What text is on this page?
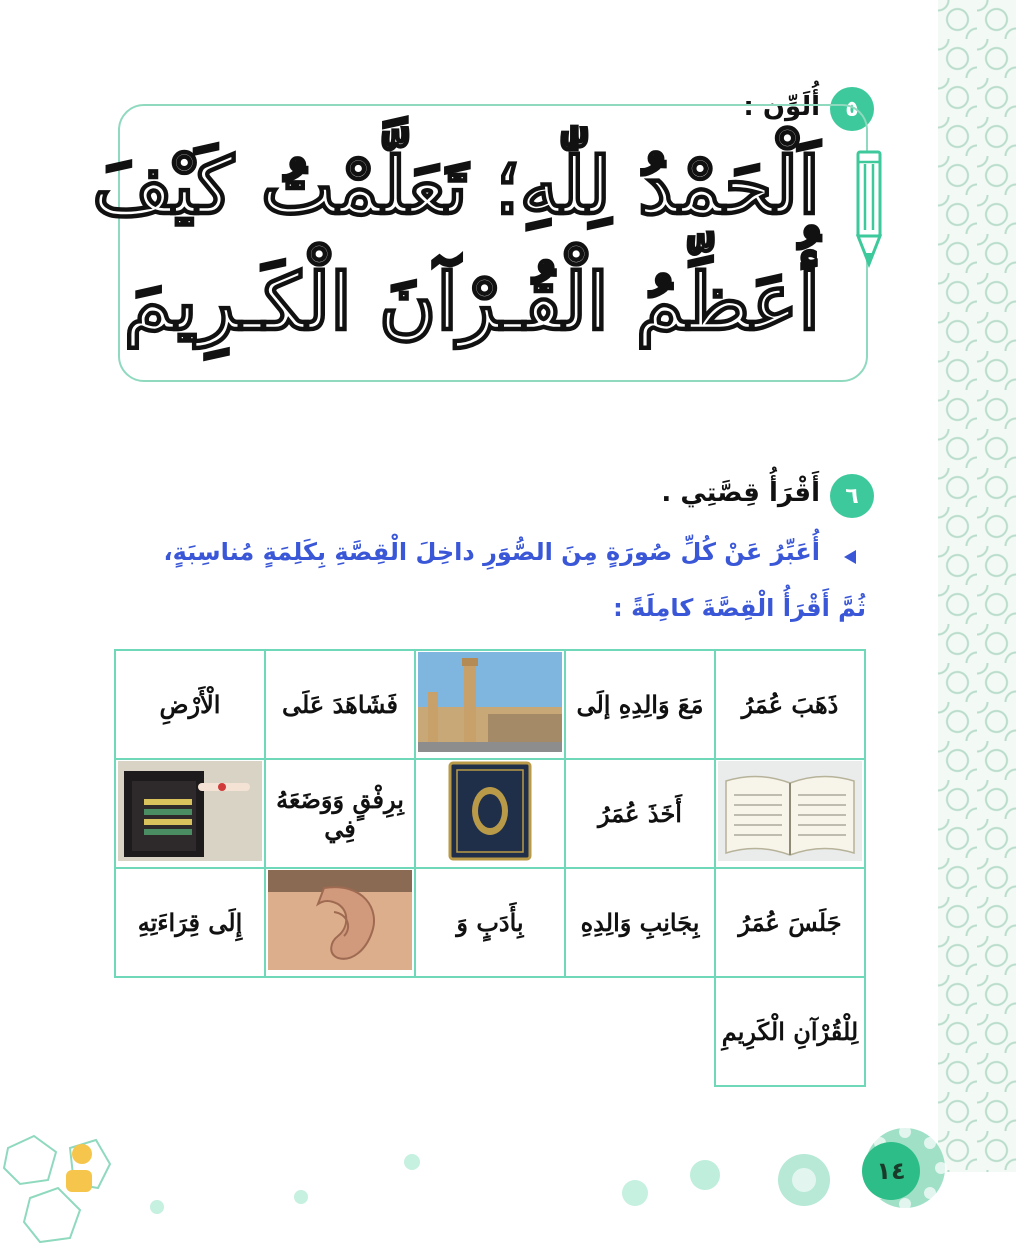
٥
أُلَوِّن :
اَلْحَمْدُ لِلّٰهِ؛ تَعَلَّمْتُ كَيْفَ
أُعَظِّمُ الْقُـرْآنَ الْكَـرِيمَ
٦
أَقْرَأُ قِصَّتِي .
أُعَبِّرُ عَنْ كُلِّ صُورَةٍ مِنَ الصُّوَرِ داخِلَ الْقِصَّةِ بِكَلِمَةٍ مُناسِبَةٍ،
ثُمَّ أَقْرَأُ الْقِصَّةَ كامِلَةً :
ذَهَبَ عُمَرُ	مَعَ وَالِدِهِ إلَى		فَشَاهَدَ عَلَى	الْأَرْضِ
	أَخَذَ عُمَرُ		بِرِفْقٍ وَوَضَعَهُ فِي	
جَلَسَ عُمَرُ	بِجَانِبِ وَالِدِهِ	بِأَدَبٍ وَ		إِلَى قِرَاءَتِهِ
لِلْقُرْآنِ الْكَرِيمِ				
١٤
